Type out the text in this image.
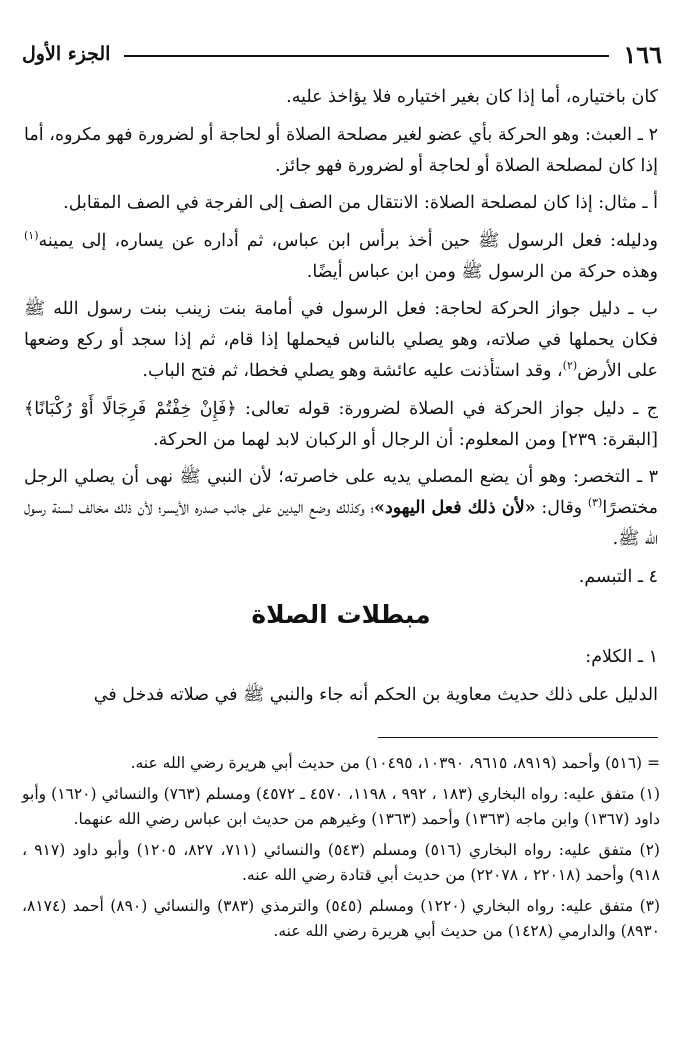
١٦٦
الجزء الأول

كان باختياره، أما إذا كان بغير اختياره فلا يؤاخذ عليه.

٢ ـ العبث: وهو الحركة بأي عضو لغير مصلحة الصلاة أو لحاجة أو لضرورة فهو مكروه، أما إذا كان لمصلحة الصلاة أو لحاجة أو لضرورة فهو جائز.

أ ـ مثال: إذا كان لمصلحة الصلاة: الانتقال من الصف إلى الفرجة في الصف المقابل.

ودليله: فعل الرسول ﷺ حين أخذ برأس ابن عباس، ثم أداره عن يساره، إلى يمينه$^{(١)}$ وهذه حركة من الرسول ﷺ ومن ابن عباس أيضًا.

ب ـ دليل جواز الحركة لحاجة: فعل الرسول في أمامة بنت زينب بنت رسول الله ﷺ فكان يحملها في صلاته، وهو يصلي بالناس فيحملها إذا قام، ثم إذا سجد أو ركع وضعها على الأرض$^{(٢)}$، وقد استأذنت عليه عائشة وهو يصلي فخطا، ثم فتح الباب.

ج ـ دليل جواز الحركة في الصلاة لضرورة: قوله تعالى: ﴿فَإِنْ خِفْتُمْ فَرِجَالًا أَوْ رُكْبَانًا﴾ [البقرة: ٢٣٩] ومن المعلوم: أن الرجال أو الركبان لابد لهما من الحركة.

٣ ـ التخصر: وهو أن يضع المصلي يديه على خاصرته؛ لأن النبي ﷺ نهى أن يصلي الرجل مختصرًا$^{(٣)}$ وقال: «لأن ذلك فعل اليهود»؛ وكذلك وضع اليدين على جانب صدره الأيسر؛ لأن ذلك مخالف لسنة رسول الله ﷺ.

٤ ـ التبسم.

مبطلات الصلاة

١ ـ الكلام:

الدليل على ذلك حديث معاوية بن الحكم أنه جاء والنبي ﷺ في صلاته فدخل في

= (٥١٦) وأحمد (٨٩١٩، ٩٦١٥، ١٠٣٩٠، ١٠٤٩٥) من حديث أبي هريرة رضي الله عنه.

(١) متفق عليه: رواه البخاري (١٨٣ ، ٩٩٢ ، ١١٩٨، ٤٥٧٠ ـ ٤٥٧٢) ومسلم (٧٦٣) والنسائي (١٦٢٠) وأبو داود (١٣٦٧) وابن ماجه (١٣٦٣) وأحمد (١٣٦٣) وغيرهم من حديث ابن عباس رضي الله عنهما.

(٢) متفق عليه: رواه البخاري (٥١٦) ومسلم (٥٤٣) والنسائي (٧١١، ٨٢٧، ١٢٠٥) وأبو داود (٩١٧ ، ٩١٨) وأحمد (٢٢٠١٨ ، ٢٢٠٧٨) من حديث أبي قتادة رضي الله عنه.

(٣) متفق عليه: رواه البخاري (١٢٢٠) ومسلم (٥٤٥) والترمذي (٣٨٣) والنسائي (٨٩٠) أحمد (٨١٧٤، ٨٩٣٠) والدارمي (١٤٢٨) من حديث أبي هريرة رضي الله عنه.
